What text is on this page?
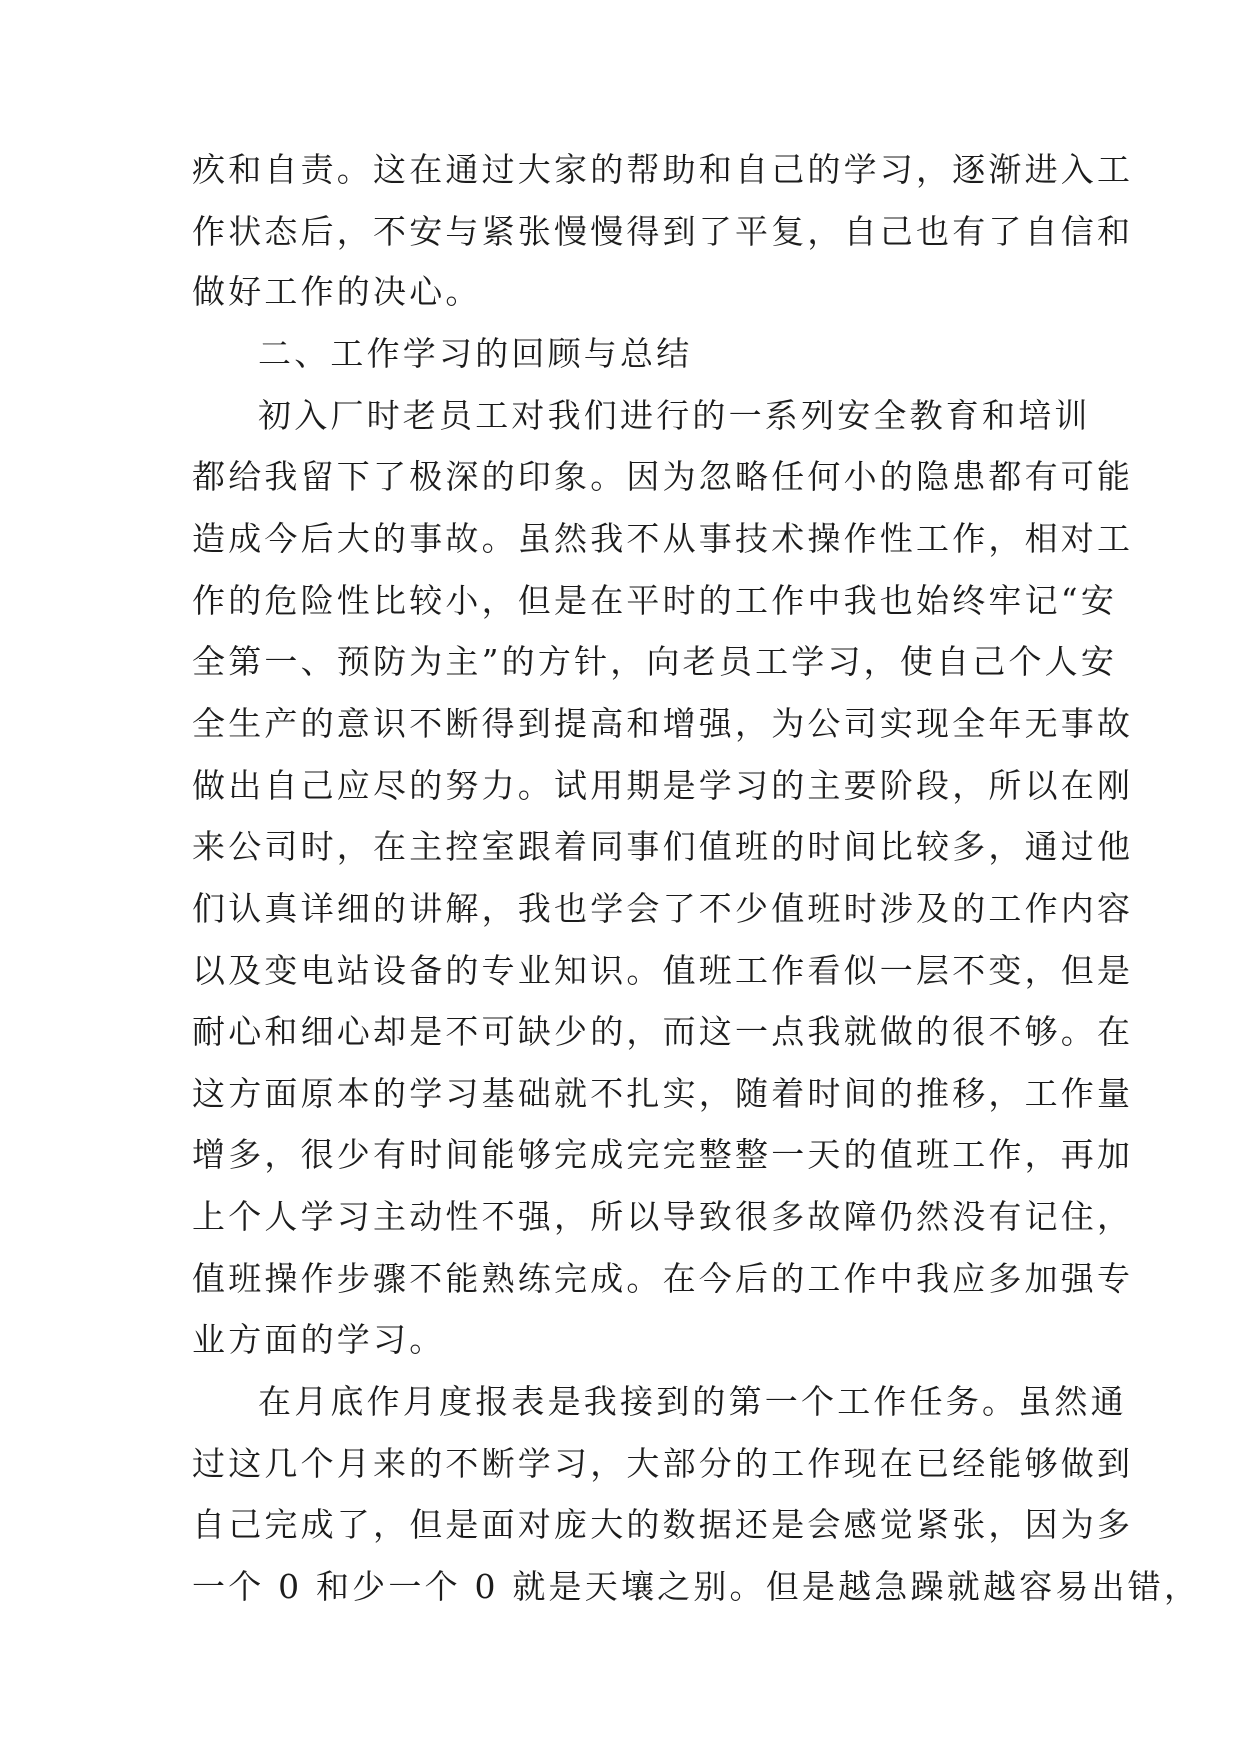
疚和自责。这在通过大家的帮助和自己的学习，逐渐进入工
作状态后，不安与紧张慢慢得到了平复，自己也有了自信和
做好工作的决心。
二、工作学习的回顾与总结
初入厂时老员工对我们进行的一系列安全教育和培训
都给我留下了极深的印象。因为忽略任何小的隐患都有可能
造成今后大的事故。虽然我不从事技术操作性工作，相对工
作的危险性比较小，但是在平时的工作中我也始终牢记“安
全第一、预防为主”的方针，向老员工学习，使自己个人安
全生产的意识不断得到提高和增强，为公司实现全年无事故
做出自己应尽的努力。试用期是学习的主要阶段，所以在刚
来公司时，在主控室跟着同事们值班的时间比较多，通过他
们认真详细的讲解，我也学会了不少值班时涉及的工作内容
以及变电站设备的专业知识。值班工作看似一层不变，但是
耐心和细心却是不可缺少的，而这一点我就做的很不够。在
这方面原本的学习基础就不扎实，随着时间的推移，工作量
增多，很少有时间能够完成完完整整一天的值班工作，再加
上个人学习主动性不强，所以导致很多故障仍然没有记住，
值班操作步骤不能熟练完成。在今后的工作中我应多加强专
业方面的学习。
在月底作月度报表是我接到的第一个工作任务。虽然通
过这几个月来的不断学习，大部分的工作现在已经能够做到
自己完成了，但是面对庞大的数据还是会感觉紧张，因为多
一个 0 和少一个 0 就是天壤之别。但是越急躁就越容易出错，
